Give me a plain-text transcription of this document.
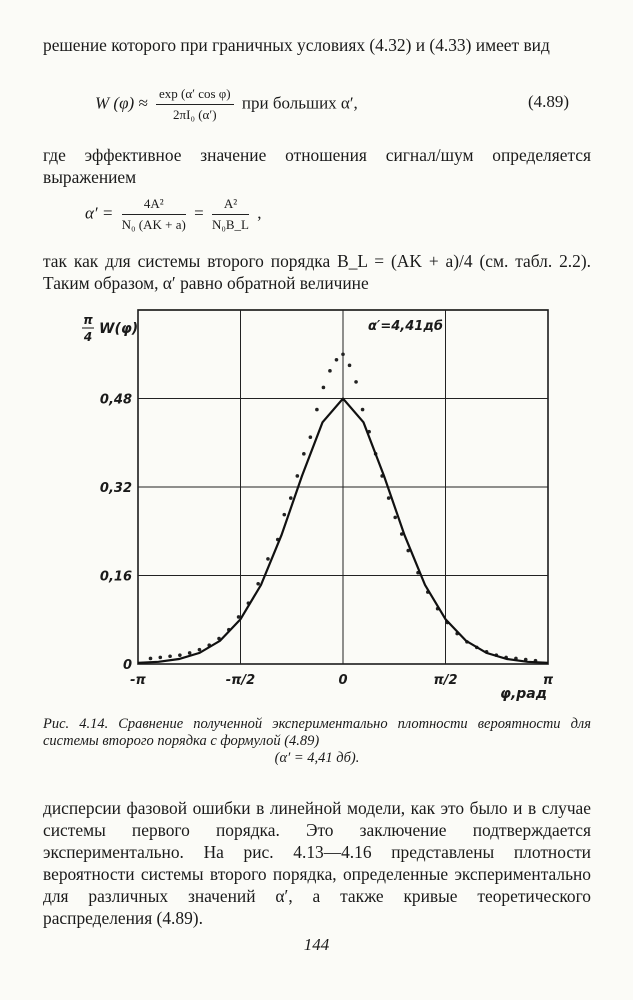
решение которого при граничных условиях (4.32) и (4.33) имеет вид
W $(\varphi) \approx \frac{\text{exp (α′ cos φ)}}{\text{2πI₀ (α′)}}$ при больших α′,	(4.89)
где эффективное значение отношения сигнал/шум определяется выражением
$\alpha' = \frac{\text{4A²}}{\text{N₀ (AK + a)}} = \frac{\text{A²}}{\text{N₀B\_L}}$ ,
так как для системы второго порядка B_L = (AK + a)/4 (см. табл. 2.2). Таким образом, α′ равно обратной величине
-π	-π/2	0	π/2	π
0
0,16
0,32
0,48
π
4 W(φ)	α′=4,41дб
φ,рад
Рис. 4.14. Сравнение полученной экспериментально плотности вероятности для системы второго порядка с формулой (4.89)
(α′ = 4,41 дб).
дисперсии фазовой ошибки в линейной модели, как это было и в случае системы первого порядка. Это заключение подтверждается экспериментально. На рис. 4.13—4.16 представлены плотности вероятности системы второго порядка, определенные экспериментально для различных значений α′, а также кривые теоретического распределения (4.89).
144
